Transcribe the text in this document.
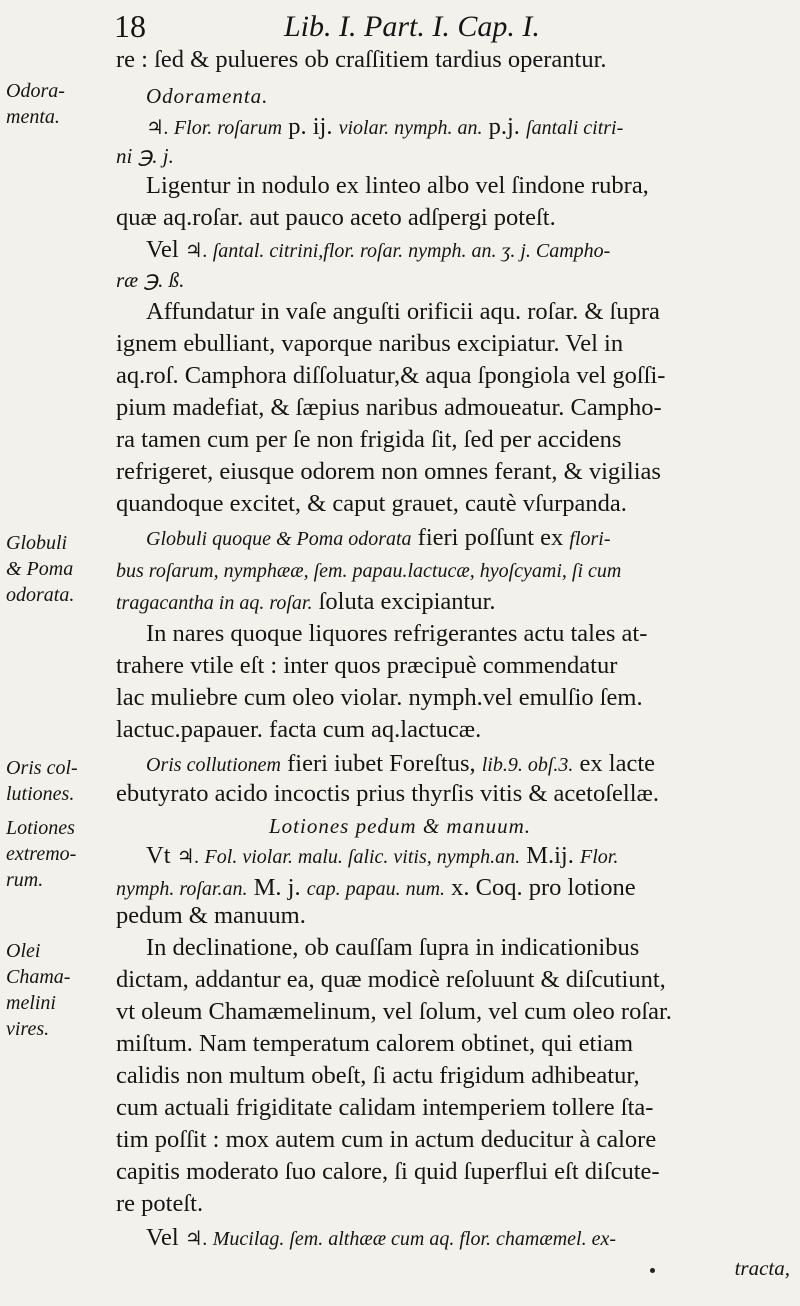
18	Lib. I. Part. I. Cap. I.
Odora-
menta.
Globuli
& Poma
odorata.
Oris col-
lutiones.
Lotiones
extremo-
rum.
Olei
Chama-
melini
vires.
re : ſed & pulueres ob craſſitiem tardius operantur.
Odoramenta.
♃. Flor. roſarum p. ij. violar. nymph. an. p.j. ſantali citri-
ni ℈. j.
Ligentur in nodulo ex linteo albo vel ſindone rubra,
quæ aq.roſar. aut pauco aceto adſpergi poteſt.
Vel ♃. ſantal. citrini,flor. roſar. nymph. an. ʒ. j. Campho-
ræ ℈. ß.
Affundatur in vaſe anguſti orificii aqu. roſar. & ſupra
ignem ebulliant, vaporque naribus excipiatur. Vel in
aq.roſ. Camphora diſſoluatur,& aqua ſpongiola vel goſſi-
pium madefiat, & ſæpius naribus admoueatur. Campho-
ra tamen cum per ſe non frigida ſit, ſed per accidens
refrigeret, eiusque odorem non omnes ferant, & vigilias
quandoque excitet, & caput grauet, cautè vſurpanda.
Globuli quoque & Poma odorata fieri poſſunt ex flori-
bus roſarum, nymphææ, ſem. papau.lactucæ, hyoſcyami, ſi cum
tragacantha in aq. roſar. ſoluta excipiantur.
In nares quoque liquores refrigerantes actu tales at-
trahere vtile eſt : inter quos præcipuè commendatur
lac muliebre cum oleo violar. nymph.vel emulſio ſem.
lactuc.papauer. facta cum aq.lactucæ.
Oris collutionem fieri iubet Foreſtus, lib.9. obſ.3. ex lacte
ebutyrato acido incoctis prius thyrſis vitis & acetoſellæ.
Lotiones pedum & manuum.
Vt ♃. Fol. violar. malu. ſalic. vitis, nymph.an. M.ij. Flor.
nymph. roſar.an. M. j. cap. papau. num. x. Coq. pro lotione
pedum & manuum.
In declinatione, ob cauſſam ſupra in indicationibus
dictam, addantur ea, quæ modicè reſoluunt & diſcutiunt,
vt oleum Chamæmelinum, vel ſolum, vel cum oleo roſar.
miſtum. Nam temperatum calorem obtinet, qui etiam
calidis non multum obeſt, ſi actu frigidum adhibeatur,
cum actuali frigiditate calidam intemperiem tollere ſta-
tim poſſit : mox autem cum in actum deducitur à calore
capitis moderato ſuo calore, ſi quid ſuperflui eſt diſcute-
re poteſt.
Vel ♃. Mucilag. ſem. althææ cum aq. flor. chamæmel. ex-
tracta,
